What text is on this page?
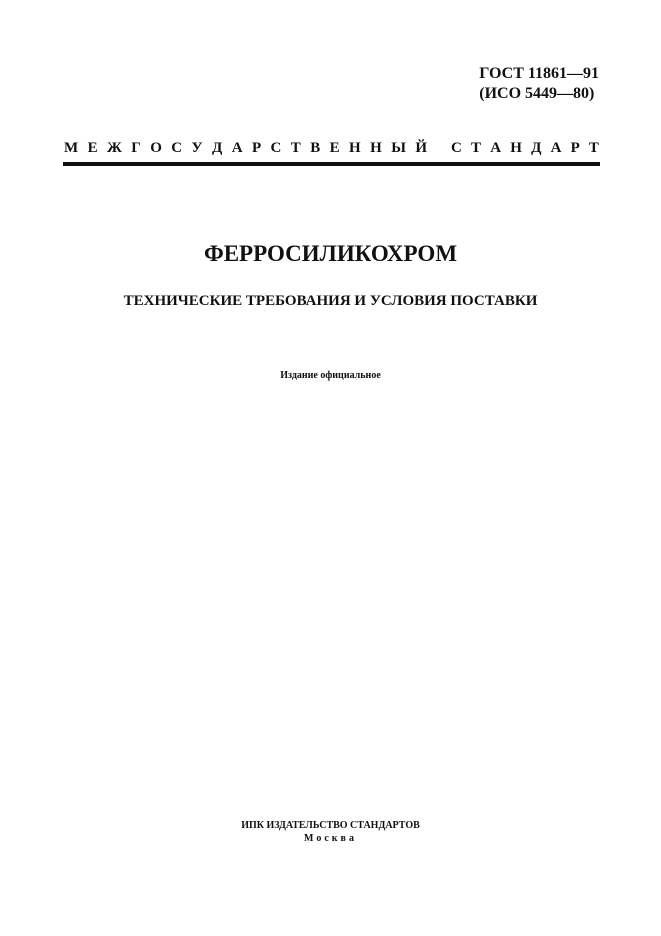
ГОСТ 11861—91
(ИСО 5449—80)
М Е Ж Г О С У Д А Р С Т В Е Н Н Ы Й С Т А Н Д А Р Т
ФЕРРОСИЛИКОХРОМ
ТЕХНИЧЕСКИЕ ТРЕБОВАНИЯ И УСЛОВИЯ ПОСТАВКИ
Издание официальное
ИПК ИЗДАТЕЛЬСТВО СТАНДАРТОВ
Москва
